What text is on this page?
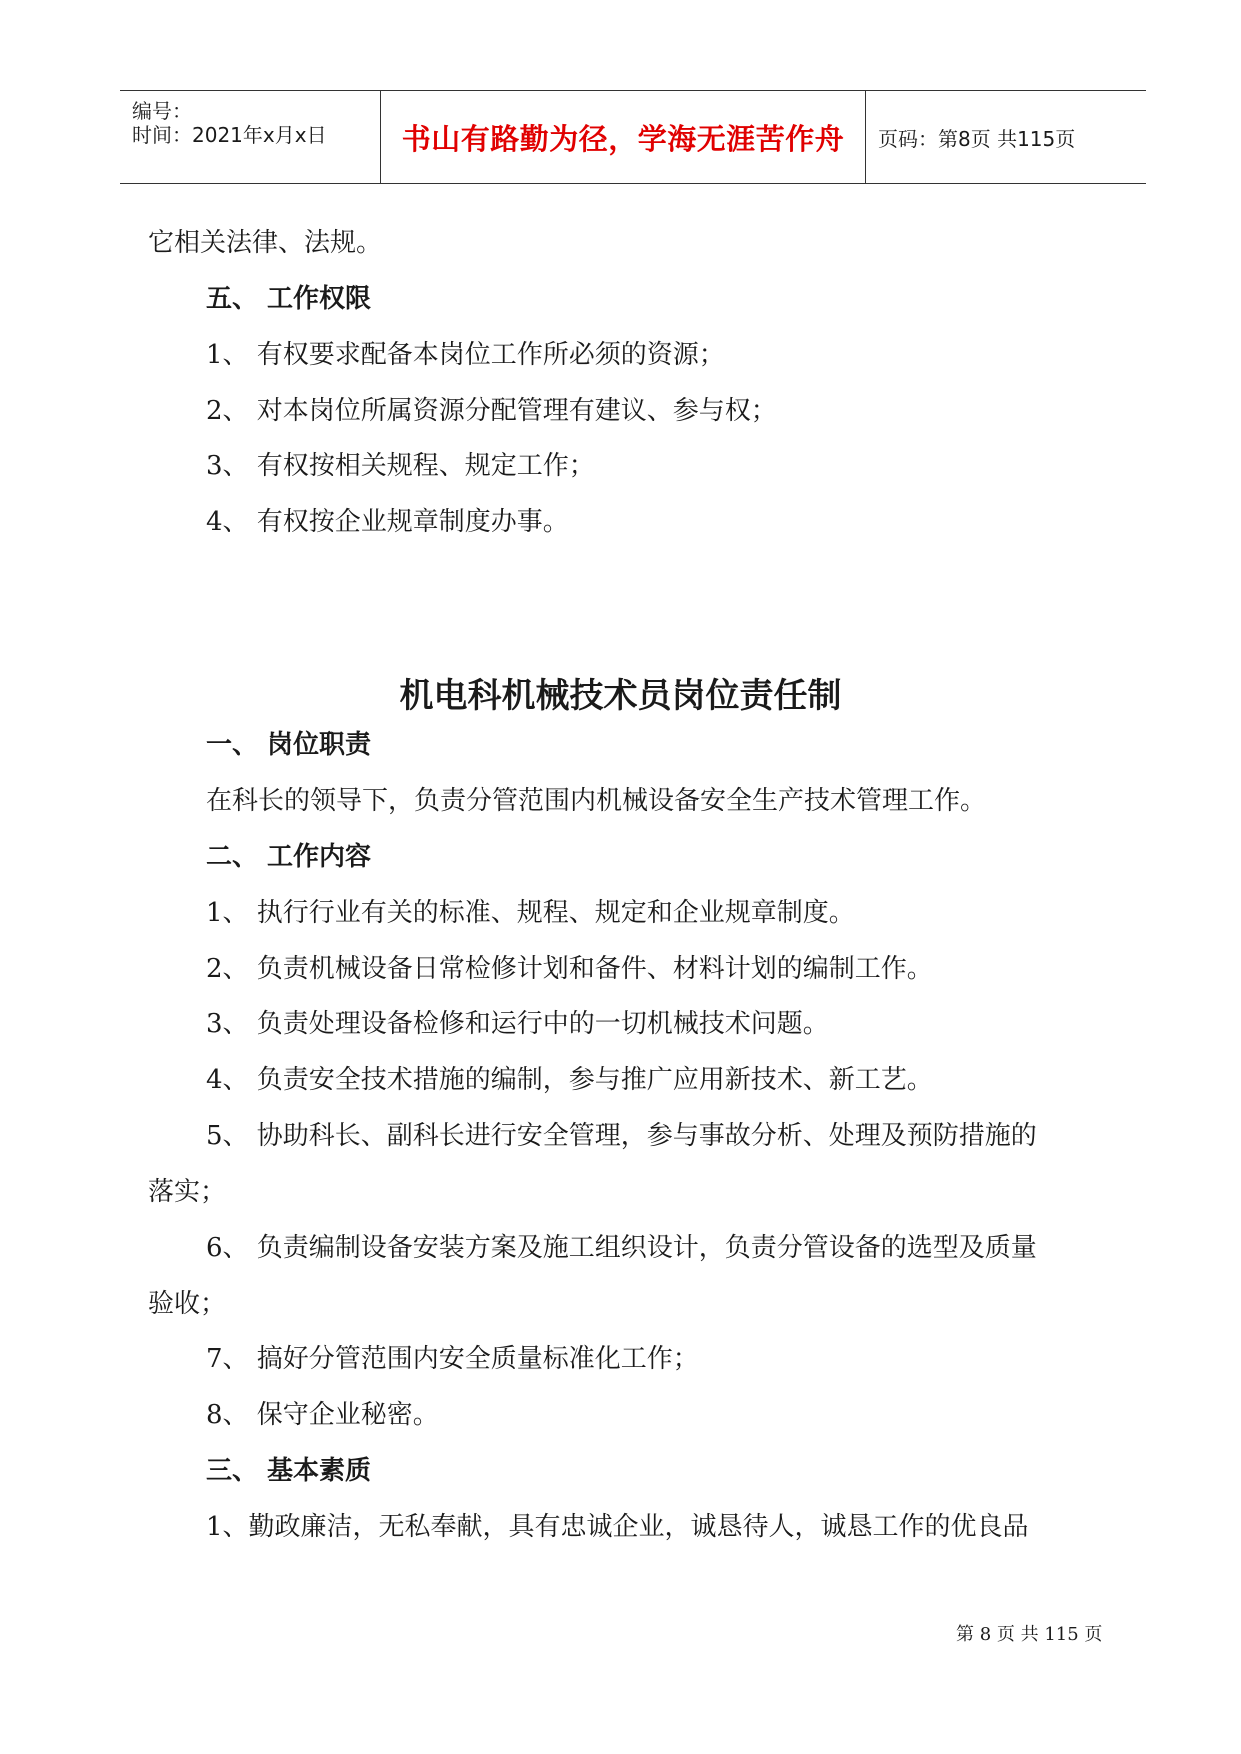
编号：
时间：2021年x月x日	书山有路勤为径，学海无涯苦作舟 页码：第8页 共115页
它相关法律、法规。
五、 工作权限
1、 有权要求配备本岗位工作所必须的资源；
2、 对本岗位所属资源分配管理有建议、参与权；
3、 有权按相关规程、规定工作；
4、 有权按企业规章制度办事。
机电科机械技术员岗位责任制
一、 岗位职责
在科长的领导下，负责分管范围内机械设备安全生产技术管理工作。
二、 工作内容
1、 执行行业有关的标准、规程、规定和企业规章制度。
2、 负责机械设备日常检修计划和备件、材料计划的编制工作。
3、 负责处理设备检修和运行中的一切机械技术问题。
4、 负责安全技术措施的编制，参与推广应用新技术、新工艺。
5、 协助科长、副科长进行安全管理，参与事故分析、处理及预防措施的
落实；
6、 负责编制设备安装方案及施工组织设计，负责分管设备的选型及质量
验收；
7、 搞好分管范围内安全质量标准化工作；
8、 保守企业秘密。
三、 基本素质
1、勤政廉洁，无私奉献，具有忠诚企业，诚恳待人，诚恳工作的优良品
第 8 页 共 115 页
